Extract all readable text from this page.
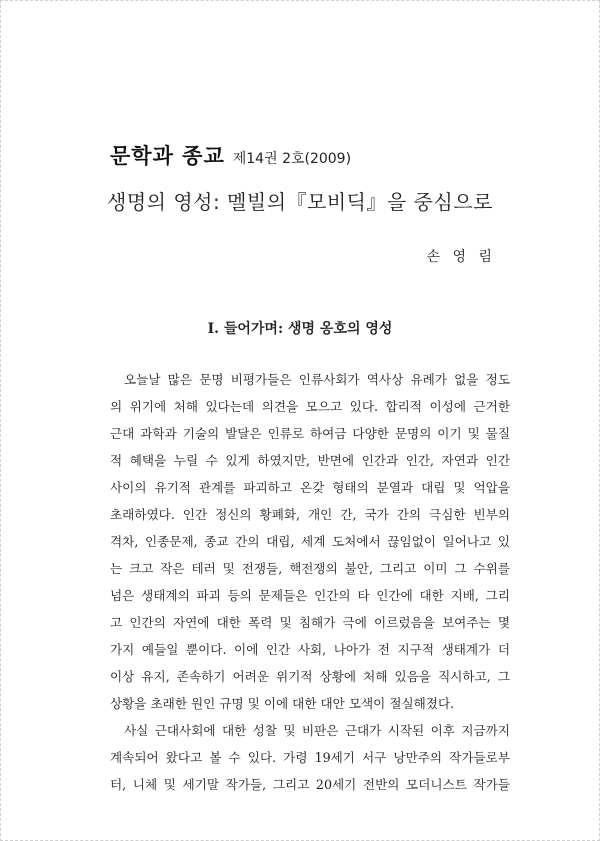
문학과 종교 제14권 2호(2009)
생명의 영성: 멜빌의『모비딕』을 중심으로
손 영 림
I. 들어가며: 생명 옹호의 영성
오늘날 많은 문명 비평가들은 인류사회가 역사상 유례가 없을 정도
의 위기에 처해 있다는데 의견을 모으고 있다. 합리적 이성에 근거한
근대 과학과 기술의 발달은 인류로 하여금 다양한 문명의 이기 및 물질
적 혜택을 누릴 수 있게 하였지만, 반면에 인간과 인간, 자연과 인간
사이의 유기적 관계를 파괴하고 온갖 형태의 분열과 대립 및 억압을
초래하였다. 인간 정신의 황폐화, 개인 간, 국가 간의 극심한 빈부의
격차, 인종문제, 종교 간의 대립, 세계 도처에서 끊임없이 일어나고 있
는 크고 작은 테러 및 전쟁들, 핵전쟁의 불안, 그리고 이미 그 수위를
넘은 생태계의 파괴 등의 문제들은 인간의 타 인간에 대한 지배, 그리
고 인간의 자연에 대한 폭력 및 침해가 극에 이르렀음을 보여주는 몇
가지 예들일 뿐이다. 이에 인간 사회, 나아가 전 지구적 생태계가 더
이상 유지, 존속하기 어려운 위기적 상황에 처해 있음을 직시하고, 그
상황을 초래한 원인 규명 및 이에 대한 대안 모색이 절실해졌다.
사실 근대사회에 대한 성찰 및 비판은 근대가 시작된 이후 지금까지
계속되어 왔다고 볼 수 있다. 가령 19세기 서구 낭만주의 작가들로부
터, 니체 및 세기말 작가들, 그리고 20세기 전반의 모더니스트 작가들
